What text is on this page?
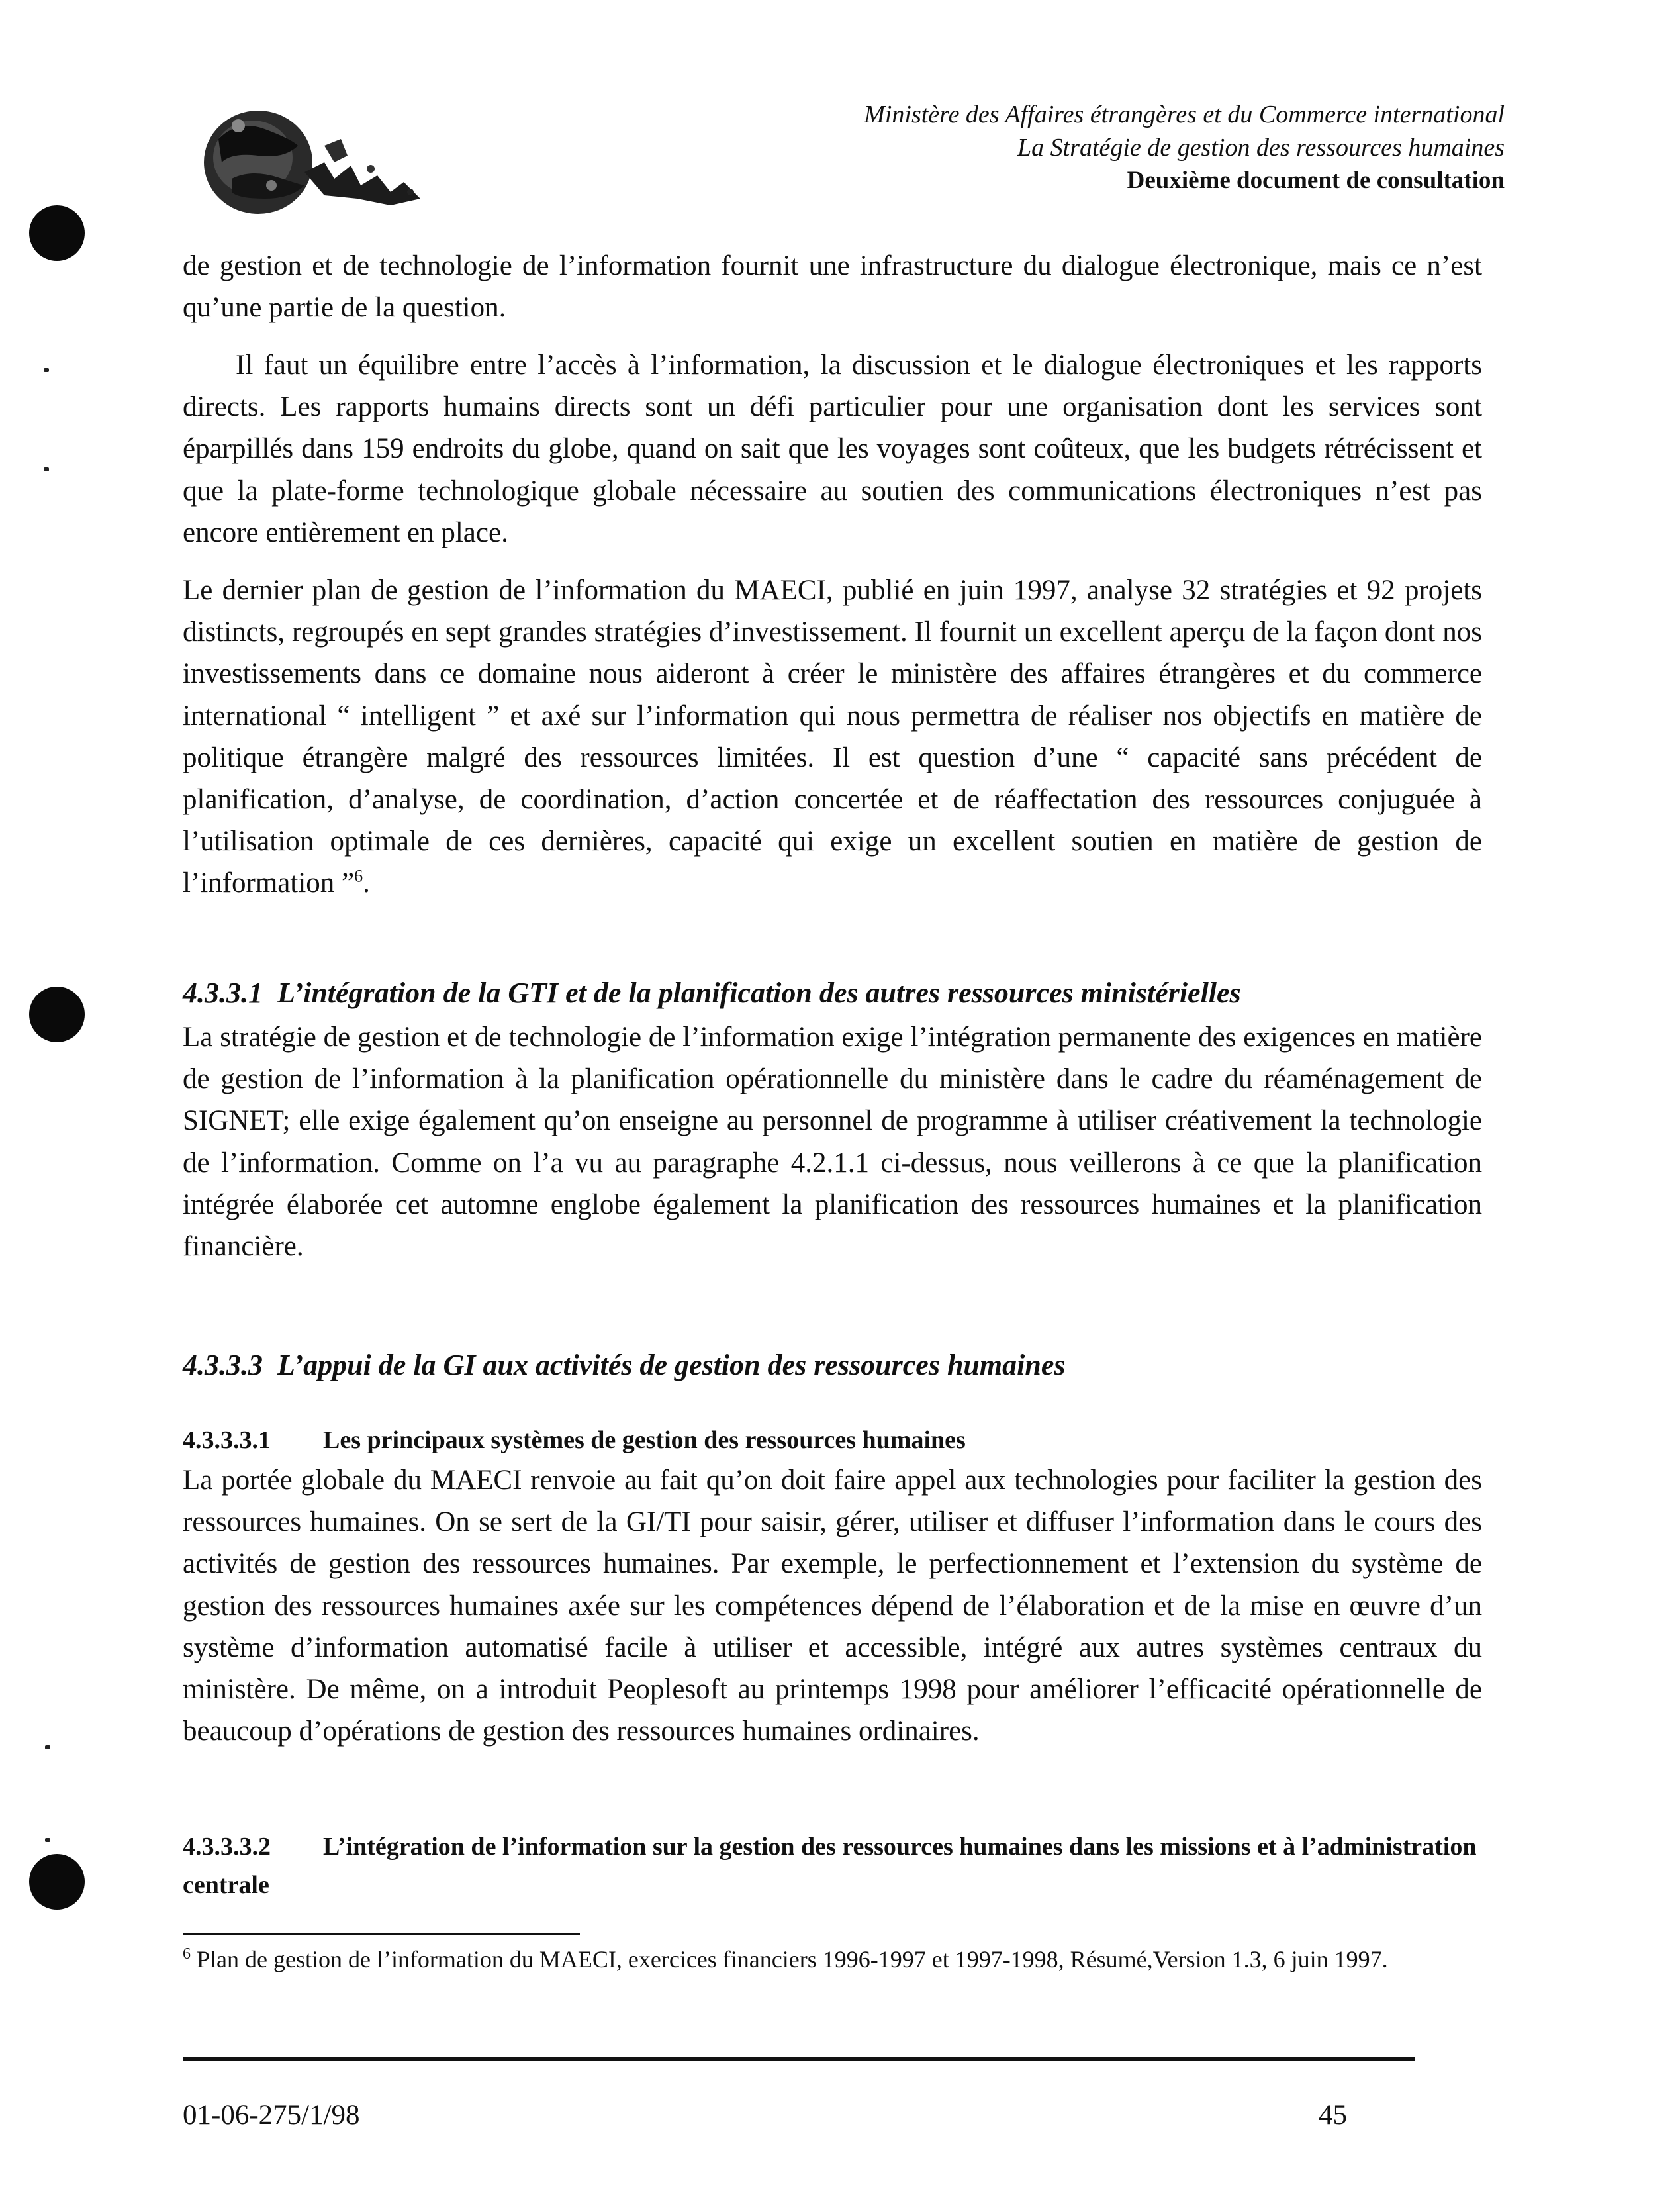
Ministère des Affaires étrangères et du Commerce international
La Stratégie de gestion des ressources humaines
Deuxième document de consultation

de gestion et de technologie de l’information fournit une infrastructure du dialogue électronique, mais ce n’est qu’une partie de la question.

Il faut un équilibre entre l’accès à l’information, la discussion et le dialogue électroniques et les rapports directs. Les rapports humains directs sont un défi particulier pour une organisation dont les services sont éparpillés dans 159 endroits du globe, quand on sait que les voyages sont coûteux, que les budgets rétrécissent et que la plate-forme technologique globale nécessaire au soutien des communications électroniques n’est pas encore entièrement en place.

Le dernier plan de gestion de l’information du MAECI, publié en juin 1997, analyse 32 stratégies et 92 projets distincts, regroupés en sept grandes stratégies d’investissement. Il fournit un excellent aperçu de la façon dont nos investissements dans ce domaine nous aideront à créer le ministère des affaires étrangères et du commerce international “ intelligent ” et axé sur l’information qui nous permettra de réaliser nos objectifs en matière de politique étrangère malgré des ressources limitées. Il est question d’une “ capacité sans précédent de planification, d’analyse, de coordination, d’action concertée et de réaffectation des ressources conjuguée à l’utilisation optimale de ces dernières, capacité qui exige un excellent soutien en matière de gestion de l’information ”$^6$.

4.3.3.1 L’intégration de la GTI et de la planification des autres ressources ministérielles

La stratégie de gestion et de technologie de l’information exige l’intégration permanente des exigences en matière de gestion de l’information à la planification opérationnelle du ministère dans le cadre du réaménagement de SIGNET; elle exige également qu’on enseigne au personnel de programme à utiliser créativement la technologie de l’information. Comme on l’a vu au paragraphe 4.2.1.1 ci-dessus, nous veillerons à ce que la planification intégrée élaborée cet automne englobe également la planification des ressources humaines et la planification financière.

4.3.3.3 L’appui de la GI aux activités de gestion des ressources humaines
4.3.3.3.1 Les principaux systèmes de gestion des ressources humaines

La portée globale du MAECI renvoie au fait qu’on doit faire appel aux technologies pour faciliter la gestion des ressources humaines. On se sert de la GI/TI pour saisir, gérer, utiliser et diffuser l’information dans le cours des activités de gestion des ressources humaines. Par exemple, le perfectionnement et l’extension du système de gestion des ressources humaines axée sur les compétences dépend de l’élaboration et de la mise en œuvre d’un système d’information automatisé facile à utiliser et accessible, intégré aux autres systèmes centraux du ministère. De même, on a introduit Peoplesoft au printemps 1998 pour améliorer l’efficacité opérationnelle de beaucoup d’opérations de gestion des ressources humaines ordinaires.

4.3.3.3.2 L’intégration de l’information sur la gestion des ressources humaines dans les missions et à l’administration centrale
$^6$ Plan de gestion de l’information du MAECI, exercices financiers 1996-1997 et 1997-1998, Résumé,Version 1.3, 6 juin 1997.
01-06-275/1/98	45
